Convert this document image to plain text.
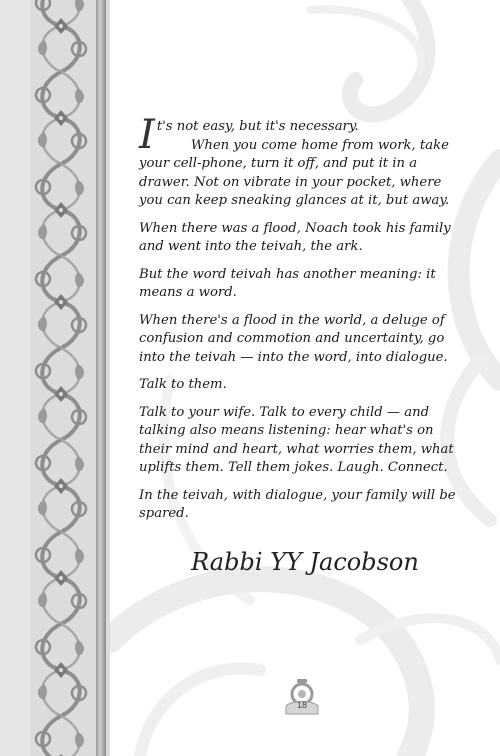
It's not easy, but it's necessary.

When you come home from work, take your cell-phone, turn it off, and put it in a drawer. Not on vibrate in your pocket, where you can keep sneaking glances at it, but away.

When there was a flood, Noach took his family and went into the teivah, the ark.

But the word teivah has another meaning: it means a word.

When there's a flood in the world, a deluge of confusion and commotion and uncertainty, go into the teivah — into the word, into dialogue.

Talk to them.

Talk to your wife. Talk to every child — and talking also means listening: hear what's on their mind and heart, what worries them, what uplifts them. Tell them jokes. Laugh. Connect.

In the teivah, with dialogue, your family will be spared.

Rabbi YY Jacobson
18
